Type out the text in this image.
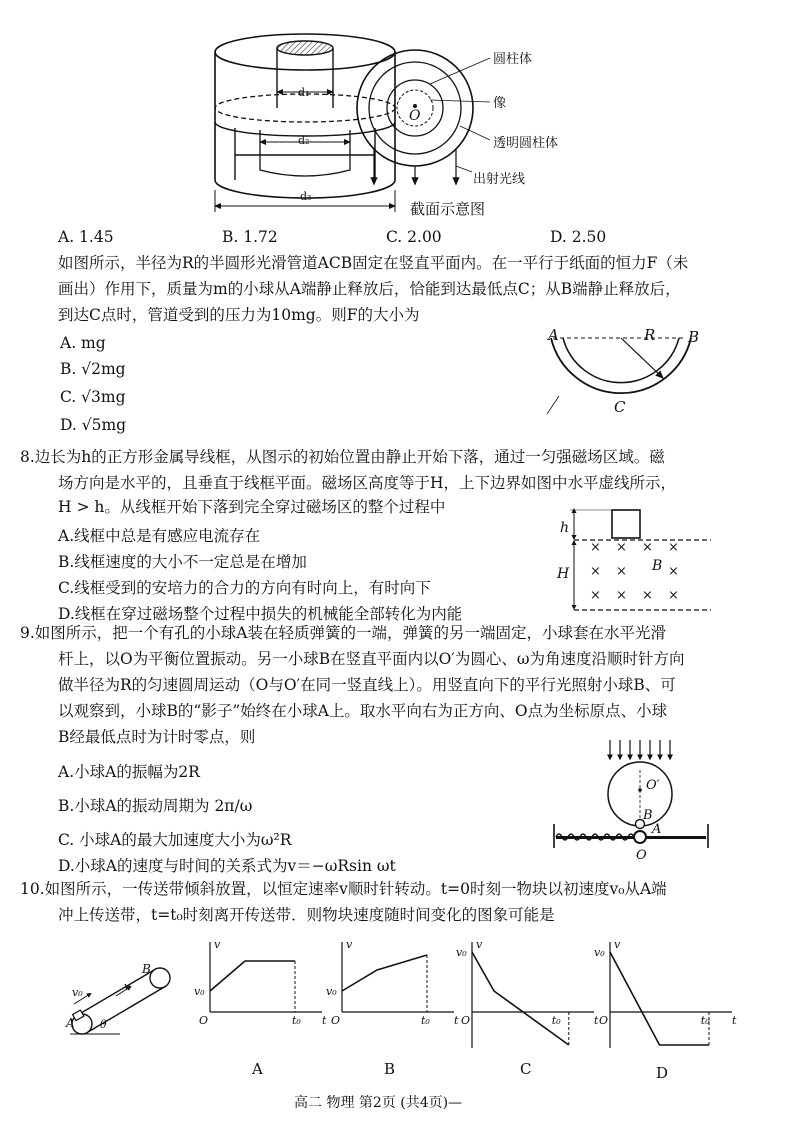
d₁
d₂
d₃
O
圆柱体
像
透明圆柱体
出射光线
截面示意图
A. 1.45	B. 1.72	C. 2.00	D. 2.50
如图所示，半径为R的半圆形光滑管道ACB固定在竖直平面内。在一平行于纸面的恒力F（未
画出）作用下，质量为m的小球从A端静止释放后，恰能到达最低点C；从B端静止释放后，
到达C点时，管道受到的压力为10mg。则F的大小为
A. mg
B. √2mg
C. √3mg
D. √5mg
A	B
R
C
8.边长为h的正方形金属导线框，从图示的初始位置由静止开始下落，通过一匀强磁场区域。磁
场方向是水平的，且垂直于线框平面。磁场区高度等于H，上下边界如图中水平虚线所示，
H > h。从线框开始下落到完全穿过磁场区的整个过程中
A.线框中总是有感应电流存在
B.线框速度的大小不一定总是在增加
C.线框受到的安培力的合力的方向有时向上，有时向下
D.线框在穿过磁场整个过程中损失的机械能全部转化为内能
h
H	B
× × × ×
× ×	×
× × × ×
9.如图所示，把一个有孔的小球A装在轻质弹簧的一端，弹簧的另一端固定，小球套在水平光滑
杆上，以O为平衡位置振动。另一小球B在竖直平面内以O′为圆心、ω为角速度沿顺时针方向
做半径为R的匀速圆周运动（O与O′在同一竖直线上）。用竖直向下的平行光照射小球B、可
以观察到，小球B的“影子”始终在小球A上。取水平向右为正方向、O点为坐标原点、小球
B经最低点时为计时零点，则
A.小球A的振幅为2R
B.小球A的振动周期为 2π/ω
C. 小球A的最大加速度大小为ω²R
D.小球A的速度与时间的关系式为v＝−ωRsin ωt
O′
B
A
O
10.如图所示，一传送带倾斜放置，以恒定速率v顺时针转动。t=0时刻一物块以初速度v₀从A端
冲上传送带，t=t₀时刻离开传送带．则物块速度随时间变化的图象可能是
A
B
v₀	v
θ
v
t
O
v₀
t₀
v
t
O
v₀
t₀
v
t
O
v₀
t₀
v
t
O
v₀
t₀
A	B	C	D
高二 物理 第2页 (共4页)—
